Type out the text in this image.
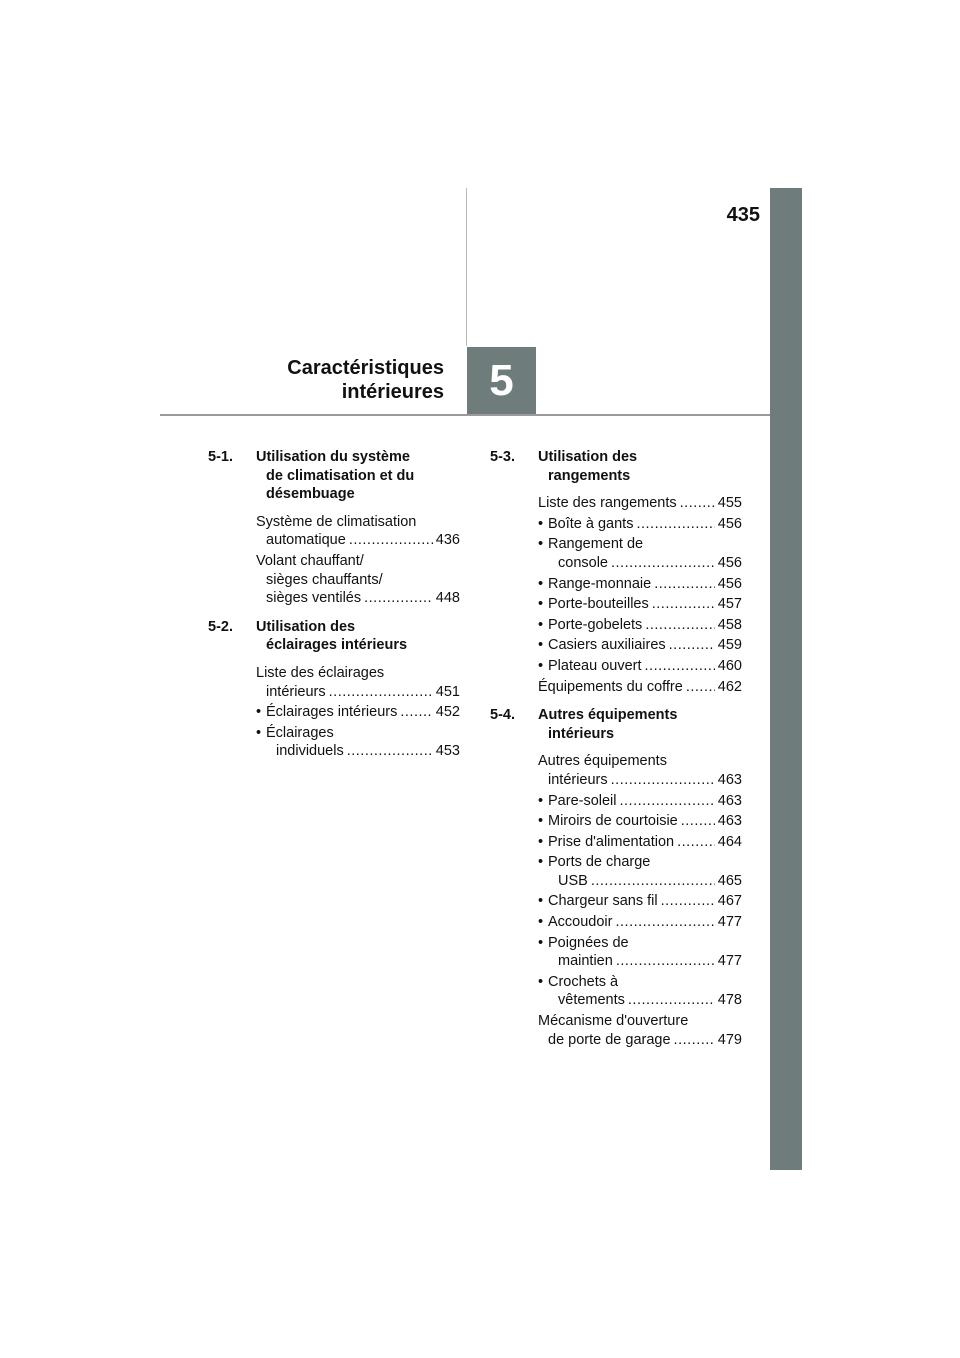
435
Caractéristiques
intérieures	5
5-1. Utilisation du système
de climatisation et du
désembuage
Système de climatisation
automatique .....	436
Volant chauffant/
sièges chauffants/
sièges ventilés .....	448
5-2. Utilisation des
éclairages intérieurs
Liste des éclairages
intérieurs .....	451
Éclairages intérieurs .....	452
•
Éclairages
•
individuels .....	453
5-3. Utilisation des
rangements
Liste des rangements .....	455
Boîte à gants .....	456
•
Rangement de
•
console .....	456
Range-monnaie .....	456
•
Porte-bouteilles .....	457
•
Porte-gobelets .....	458
•
Casiers auxiliaires .....	459
•
Plateau ouvert .....	460
•
Équipements du coffre ..... 462
5-4. Autres équipements
intérieurs
Autres équipements
intérieurs .....	463
Pare-soleil .....	463
•
Miroirs de courtoisie .....	463
•
Prise d'alimentation .....	464
•
Ports de charge
•
USB .....	465
Chargeur sans fil .....	467
•
Accoudoir .....	477
•
Poignées de
•
maintien .....	477
Crochets à
•
vêtements .....	478
Mécanisme d'ouverture
de porte de garage .....	479
